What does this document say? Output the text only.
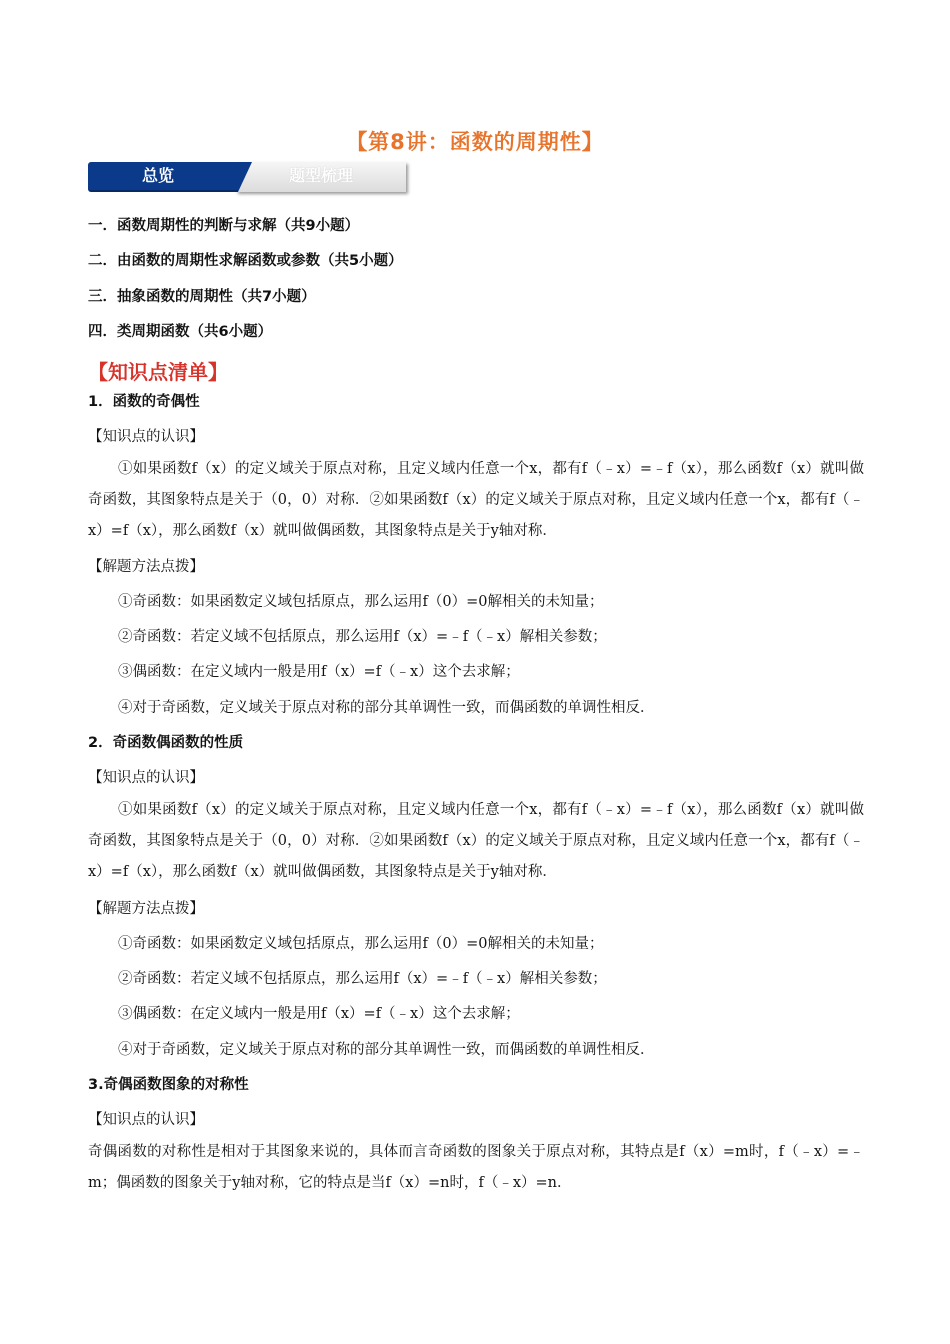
【第8讲：函数的周期性】
题型梳理
总览
一．函数周期性的判断与求解（共9小题）
二．由函数的周期性求解函数或参数（共5小题）
三．抽象函数的周期性（共7小题）
四．类周期函数（共6小题）
【知识点清单】
1．函数的奇偶性
【知识点的认识】
①如果函数f（x）的定义域关于原点对称，且定义域内任意一个x，都有f（﹣x）=﹣f（x），那么函数f（x）就叫做奇函数，其图象特点是关于（0，0）对称．②如果函数f（x）的定义域关于原点对称，且定义域内任意一个x，都有f（﹣x）=f（x），那么函数f（x）就叫做偶函数，其图象特点是关于y轴对称．
【解题方法点拨】
①奇函数：如果函数定义域包括原点，那么运用f（0）=0解相关的未知量；
②奇函数：若定义域不包括原点，那么运用f（x）=﹣f（﹣x）解相关参数；
③偶函数：在定义域内一般是用f（x）=f（﹣x）这个去求解；
④对于奇函数，定义域关于原点对称的部分其单调性一致，而偶函数的单调性相反．
2．奇函数偶函数的性质
【知识点的认识】
①如果函数f（x）的定义域关于原点对称，且定义域内任意一个x，都有f（﹣x）=﹣f（x），那么函数f（x）就叫做奇函数，其图象特点是关于（0，0）对称．②如果函数f（x）的定义域关于原点对称，且定义域内任意一个x，都有f（﹣x）=f（x），那么函数f（x）就叫做偶函数，其图象特点是关于y轴对称．
【解题方法点拨】
①奇函数：如果函数定义域包括原点，那么运用f（0）=0解相关的未知量；
②奇函数：若定义域不包括原点，那么运用f（x）=﹣f（﹣x）解相关参数；
③偶函数：在定义域内一般是用f（x）=f（﹣x）这个去求解；
④对于奇函数，定义域关于原点对称的部分其单调性一致，而偶函数的单调性相反．
3.奇偶函数图象的对称性
【知识点的认识】
奇偶函数的对称性是相对于其图象来说的，具体而言奇函数的图象关于原点对称，其特点是f（x）=m时，f（﹣x）=﹣m；偶函数的图象关于y轴对称，它的特点是当f（x）=n时，f（﹣x）=n．
